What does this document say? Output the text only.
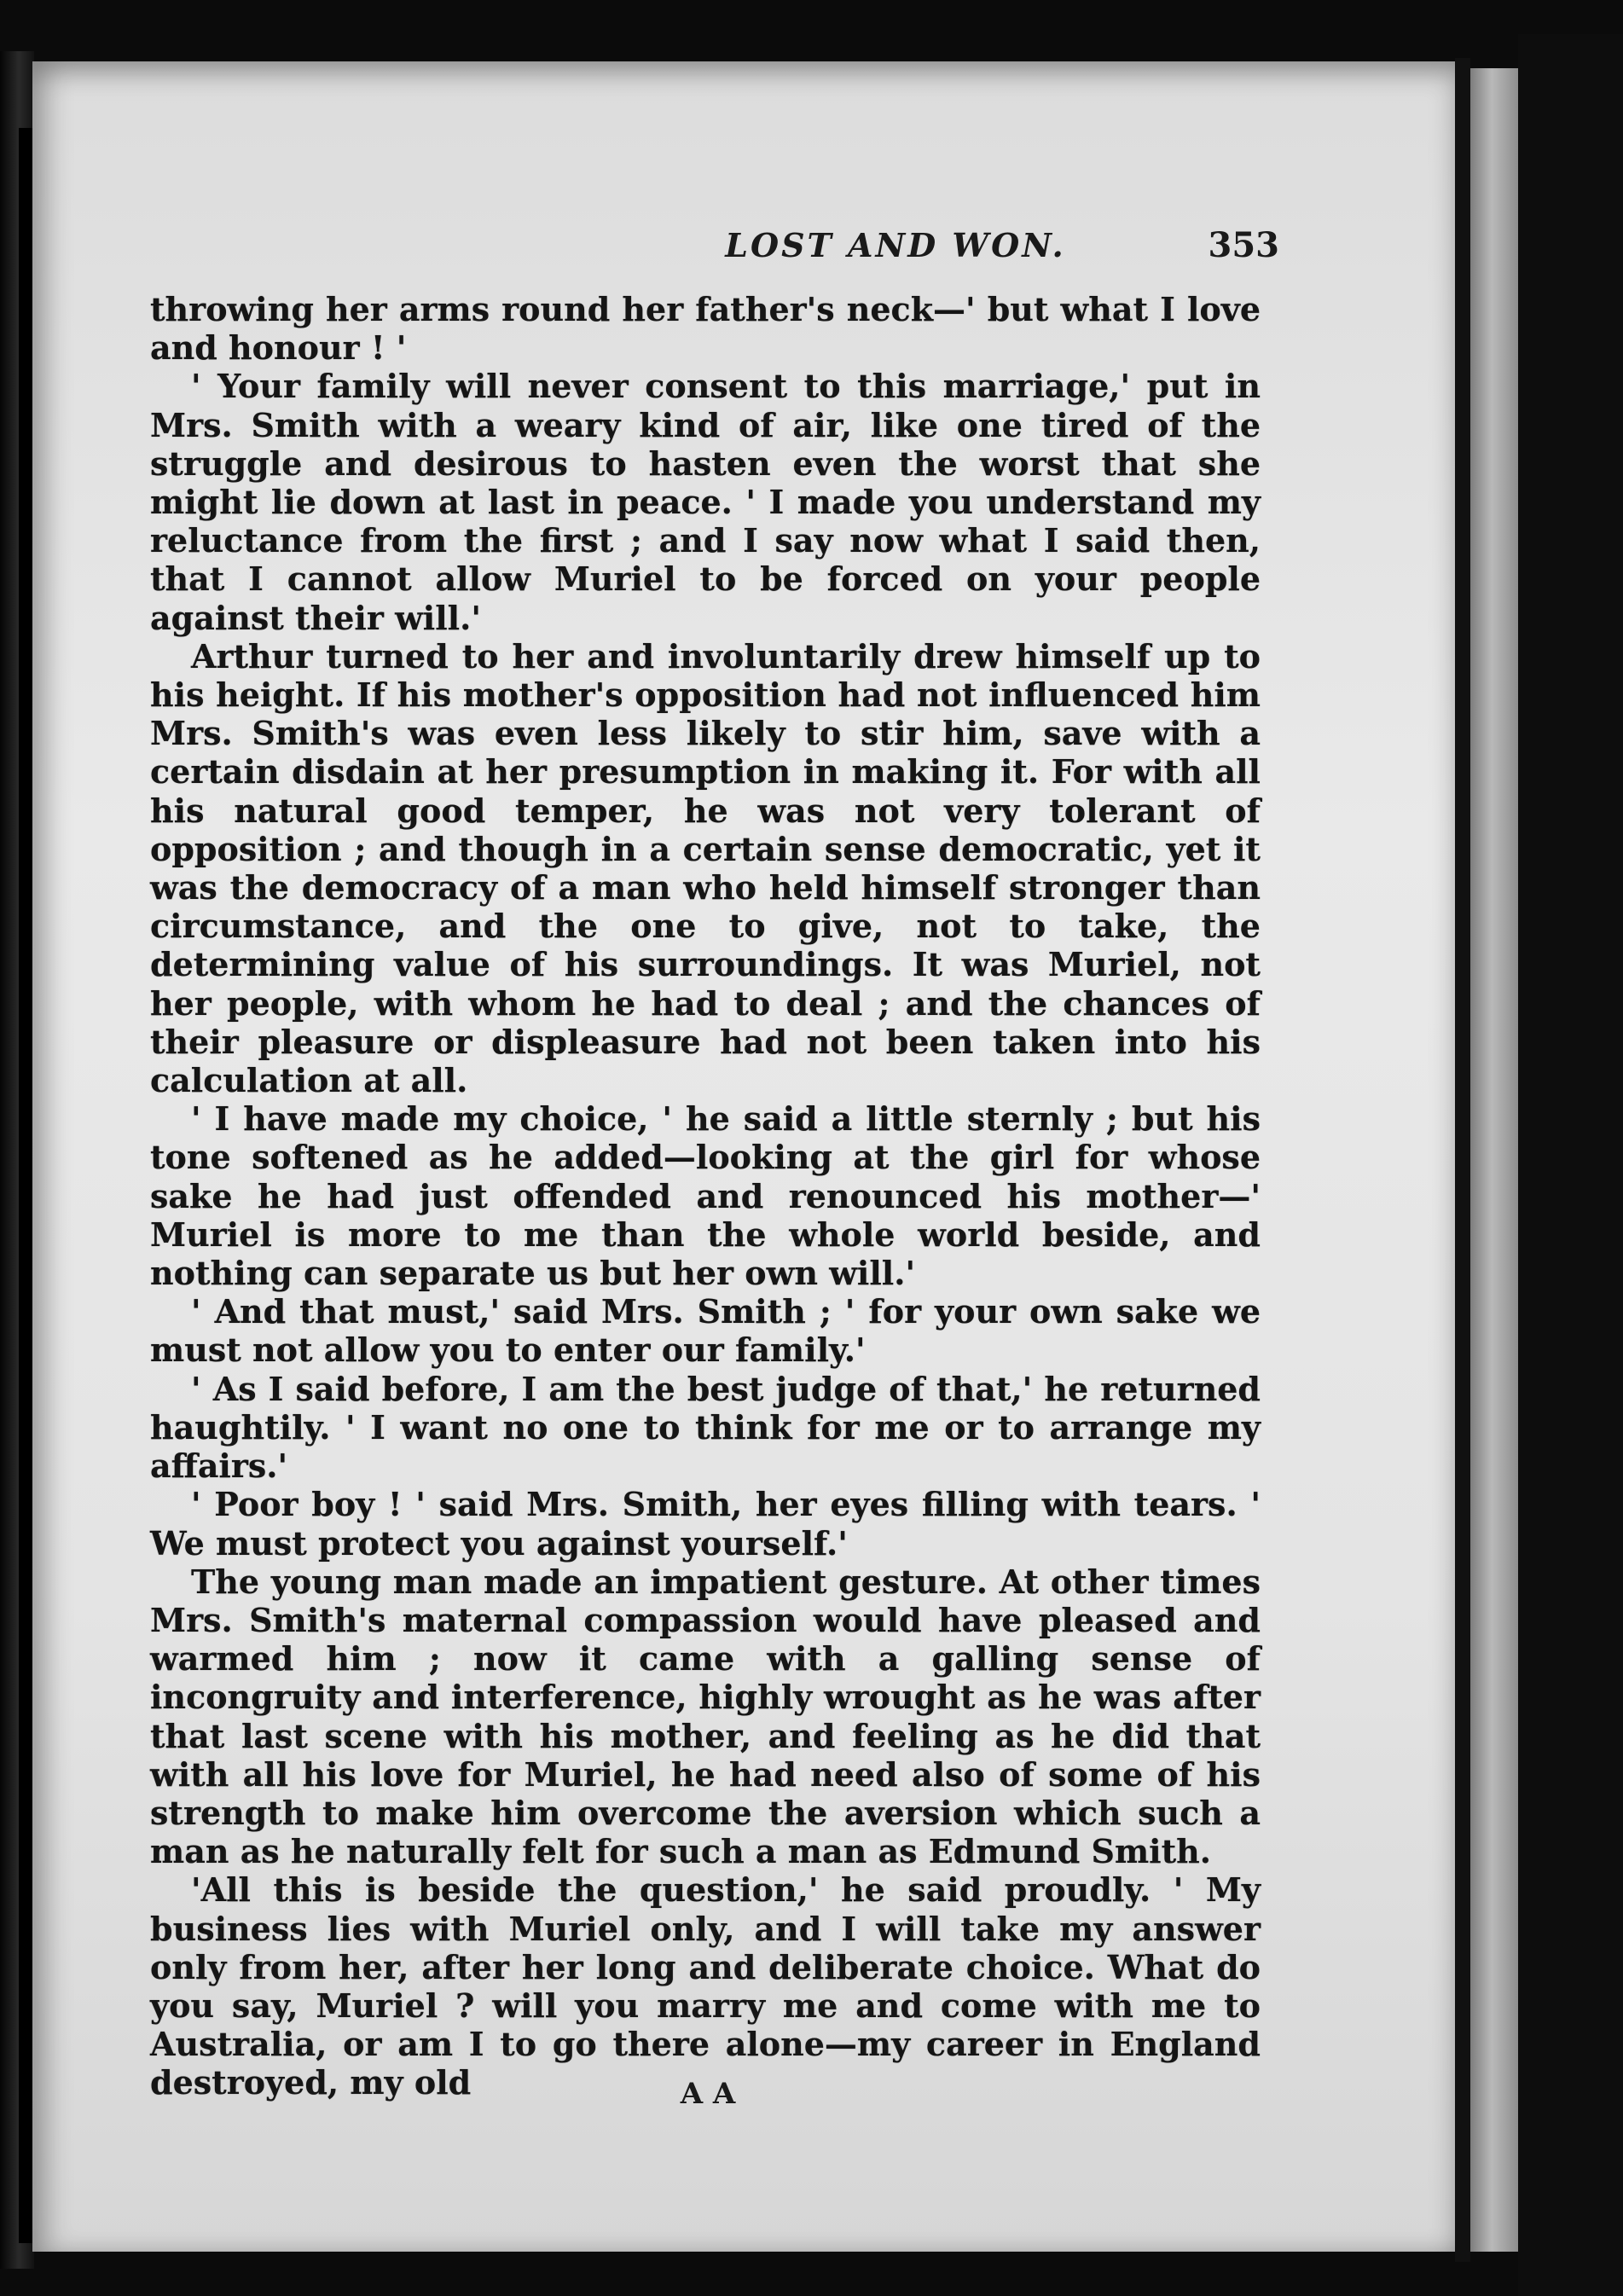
LOST AND WON.	353

throwing her arms round her father's neck—' but what I love and honour ! '

' Your family will never consent to this marriage,' put in Mrs. Smith with a weary kind of air, like one tired of the struggle and desirous to hasten even the worst that she might lie down at last in peace. ' I made you understand my reluctance from the first ; and I say now what I said then, that I cannot allow Muriel to be forced on your people against their will.'

Arthur turned to her and involuntarily drew himself up to his height. If his mother's opposition had not influenced him Mrs. Smith's was even less likely to stir him, save with a certain disdain at her presumption in making it. For with all his natural good temper, he was not very tolerant of opposition ; and though in a certain sense democratic, yet it was the democracy of a man who held himself stronger than circumstance, and the one to give, not to take, the determining value of his surroundings. It was Muriel, not her people, with whom he had to deal ; and the chances of their pleasure or displeasure had not been taken into his calculation at all.

' I have made my choice, ' he said a little sternly ; but his tone softened as he added—looking at the girl for whose sake he had just offended and renounced his mother—' Muriel is more to me than the whole world beside, and nothing can separate us but her own will.'

' And that must,' said Mrs. Smith ; ' for your own sake we must not allow you to enter our family.'

' As I said before, I am the best judge of that,' he returned haughtily. ' I want no one to think for me or to arrange my affairs.'

' Poor boy ! ' said Mrs. Smith, her eyes filling with tears. ' We must protect you against yourself.'

The young man made an impatient gesture. At other times Mrs. Smith's maternal compassion would have pleased and warmed him ; now it came with a galling sense of incongruity and interference, highly wrought as he was after that last scene with his mother, and feeling as he did that with all his love for Muriel, he had need also of some of his strength to make him overcome the aversion which such a man as he naturally felt for such a man as Edmund Smith.

'All this is beside the question,' he said proudly. ' My business lies with Muriel only, and I will take my answer only from her, after her long and deliberate choice. What do you say, Muriel ? will you marry me and come with me to Australia, or am I to go there alone—my career in England destroyed, my old	A A
